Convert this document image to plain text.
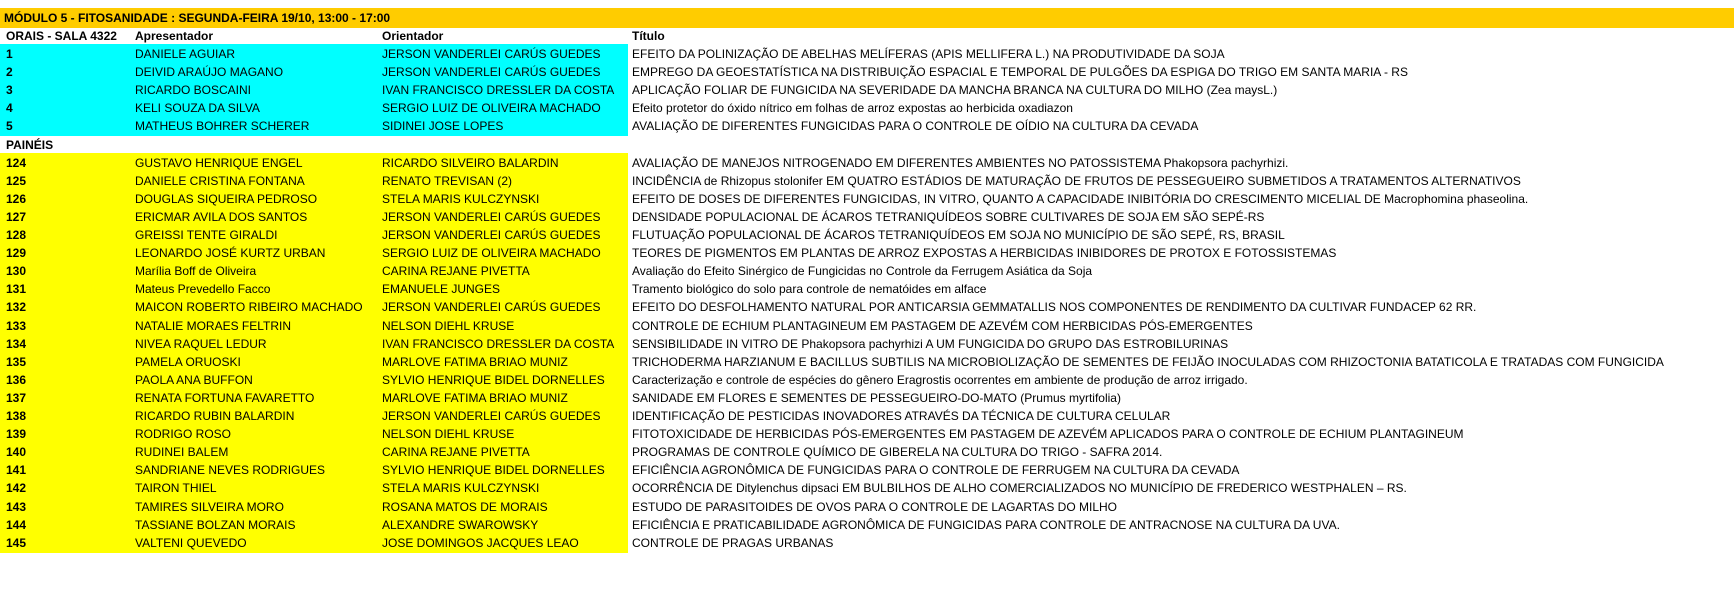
MÓDULO 5 - FITOSANIDADE : SEGUNDA-FEIRA 19/10, 13:00 - 17:00
ORAIS - SALA 4322	Apresentador	Orientador	Título
1	DANIELE AGUIAR	JERSON VANDERLEI CARÚS GUEDES	EFEITO DA POLINIZAÇÃO DE ABELHAS MELÍFERAS (APIS MELLIFERA L.) NA PRODUTIVIDADE DA SOJA
2	DEIVID ARAÚJO MAGANO	JERSON VANDERLEI CARÚS GUEDES	EMPREGO DA GEOESTATÍSTICA NA DISTRIBUIÇÃO ESPACIAL E TEMPORAL DE PULGÕES DA ESPIGA DO TRIGO EM SANTA MARIA - RS
3	RICARDO BOSCAINI	IVAN FRANCISCO DRESSLER DA COSTA	APLICAÇÃO FOLIAR DE FUNGICIDA NA SEVERIDADE DA MANCHA BRANCA NA CULTURA DO MILHO (Zea maysL.)
4	KELI SOUZA DA SILVA	SERGIO LUIZ DE OLIVEIRA MACHADO	Efeito protetor do óxido nítrico em folhas de arroz expostas ao herbicida oxadiazon
5	MATHEUS BOHRER SCHERER	SIDINEI JOSE LOPES	AVALIAÇÃO DE DIFERENTES FUNGICIDAS PARA O CONTROLE DE OÍDIO NA CULTURA DA CEVADA
PAINÉIS
124	GUSTAVO HENRIQUE ENGEL	RICARDO SILVEIRO BALARDIN	AVALIAÇÃO DE MANEJOS NITROGENADO EM DIFERENTES AMBIENTES NO PATOSSISTEMA Phakopsora pachyrhizi.
125	DANIELE CRISTINA FONTANA	RENATO TREVISAN (2)	INCIDÊNCIA de Rhizopus stolonifer EM QUATRO ESTÁDIOS DE MATURAÇÃO DE FRUTOS DE PESSEGUEIRO SUBMETIDOS A TRATAMENTOS ALTERNATIVOS
126	DOUGLAS SIQUEIRA PEDROSO	STELA MARIS KULCZYNSKI	EFEITO DE DOSES DE DIFERENTES FUNGICIDAS, IN VITRO, QUANTO A CAPACIDADE INIBITÓRIA DO CRESCIMENTO MICELIAL DE Macrophomina phaseolina.
127	ERICMAR AVILA DOS SANTOS	JERSON VANDERLEI CARÚS GUEDES	DENSIDADE POPULACIONAL DE ÁCAROS TETRANIQUÍDEOS SOBRE CULTIVARES DE SOJA EM SÃO SEPÉ-RS
128	GREISSI TENTE GIRALDI	JERSON VANDERLEI CARÚS GUEDES	FLUTUAÇÃO POPULACIONAL DE ÁCAROS TETRANIQUÍDEOS EM SOJA NO MUNICÍPIO DE SÃO SEPÉ, RS, BRASIL
129	LEONARDO JOSÉ KURTZ URBAN	SERGIO LUIZ DE OLIVEIRA MACHADO	TEORES DE PIGMENTOS EM PLANTAS DE ARROZ EXPOSTAS A HERBICIDAS INIBIDORES DE PROTOX E FOTOSSISTEMAS
130	Marília Boff de Oliveira	CARINA REJANE PIVETTA	Avaliação do Efeito Sinérgico de Fungicidas no Controle da Ferrugem Asiática da Soja
131	Mateus Prevedello Facco	EMANUELE JUNGES	Tramento biológico do solo para controle de nematóides em alface
132	MAICON ROBERTO RIBEIRO MACHADO	JERSON VANDERLEI CARÚS GUEDES	EFEITO DO DESFOLHAMENTO NATURAL POR ANTICARSIA GEMMATALLIS NOS COMPONENTES DE RENDIMENTO DA CULTIVAR FUNDACEP 62 RR.
133	NATALIE MORAES FELTRIN	NELSON DIEHL KRUSE	CONTROLE DE ECHIUM PLANTAGINEUM EM PASTAGEM DE AZEVÉM COM HERBICIDAS PÓS-EMERGENTES
134	NIVEA RAQUEL LEDUR	IVAN FRANCISCO DRESSLER DA COSTA	SENSIBILIDADE IN VITRO DE Phakopsora pachyrhizi A UM FUNGICIDA DO GRUPO DAS ESTROBILURINAS
135	PAMELA ORUOSKI	MARLOVE FATIMA BRIAO MUNIZ	TRICHODERMA HARZIANUM E BACILLUS SUBTILIS NA MICROBIOLIZAÇÃO DE SEMENTES DE FEIJÃO INOCULADAS COM RHIZOCTONIA BATATICOLA E TRATADAS COM FUNGICIDA
136	PAOLA ANA BUFFON	SYLVIO HENRIQUE BIDEL DORNELLES	Caracterização e controle de espécies do gênero Eragrostis ocorrentes em ambiente de produção de arroz irrigado.
137	RENATA FORTUNA FAVARETTO	MARLOVE FATIMA BRIAO MUNIZ	SANIDADE EM FLORES E SEMENTES DE PESSEGUEIRO-DO-MATO (Prumus myrtifolia)
138	RICARDO RUBIN BALARDIN	JERSON VANDERLEI CARÚS GUEDES	IDENTIFICAÇÃO DE PESTICIDAS INOVADORES ATRAVÉS DA TÉCNICA DE CULTURA CELULAR
139	RODRIGO ROSO	NELSON DIEHL KRUSE	FITOTOXICIDADE DE HERBICIDAS PÓS-EMERGENTES EM PASTAGEM DE AZEVÉM APLICADOS PARA O CONTROLE DE ECHIUM PLANTAGINEUM
140	RUDINEI BALEM	CARINA REJANE PIVETTA	PROGRAMAS DE CONTROLE QUÍMICO DE GIBERELA NA CULTURA DO TRIGO - SAFRA 2014.
141	SANDRIANE NEVES RODRIGUES	SYLVIO HENRIQUE BIDEL DORNELLES	EFICIÊNCIA AGRONÔMICA DE FUNGICIDAS PARA O CONTROLE DE FERRUGEM NA CULTURA DA CEVADA
142	TAIRON THIEL	STELA MARIS KULCZYNSKI	OCORRÊNCIA DE Ditylenchus dipsaci EM BULBILHOS DE ALHO COMERCIALIZADOS NO MUNICÍPIO DE FREDERICO WESTPHALEN – RS.
143	TAMIRES SILVEIRA MORO	ROSANA MATOS DE MORAIS	ESTUDO DE PARASITOIDES DE OVOS PARA O CONTROLE DE LAGARTAS DO MILHO
144	TASSIANE BOLZAN MORAIS	ALEXANDRE SWAROWSKY	EFICIÊNCIA E PRATICABILIDADE AGRONÔMICA DE FUNGICIDAS PARA CONTROLE DE ANTRACNOSE NA CULTURA DA UVA.
145	VALTENI QUEVEDO	JOSE DOMINGOS JACQUES LEAO	CONTROLE DE PRAGAS URBANAS
